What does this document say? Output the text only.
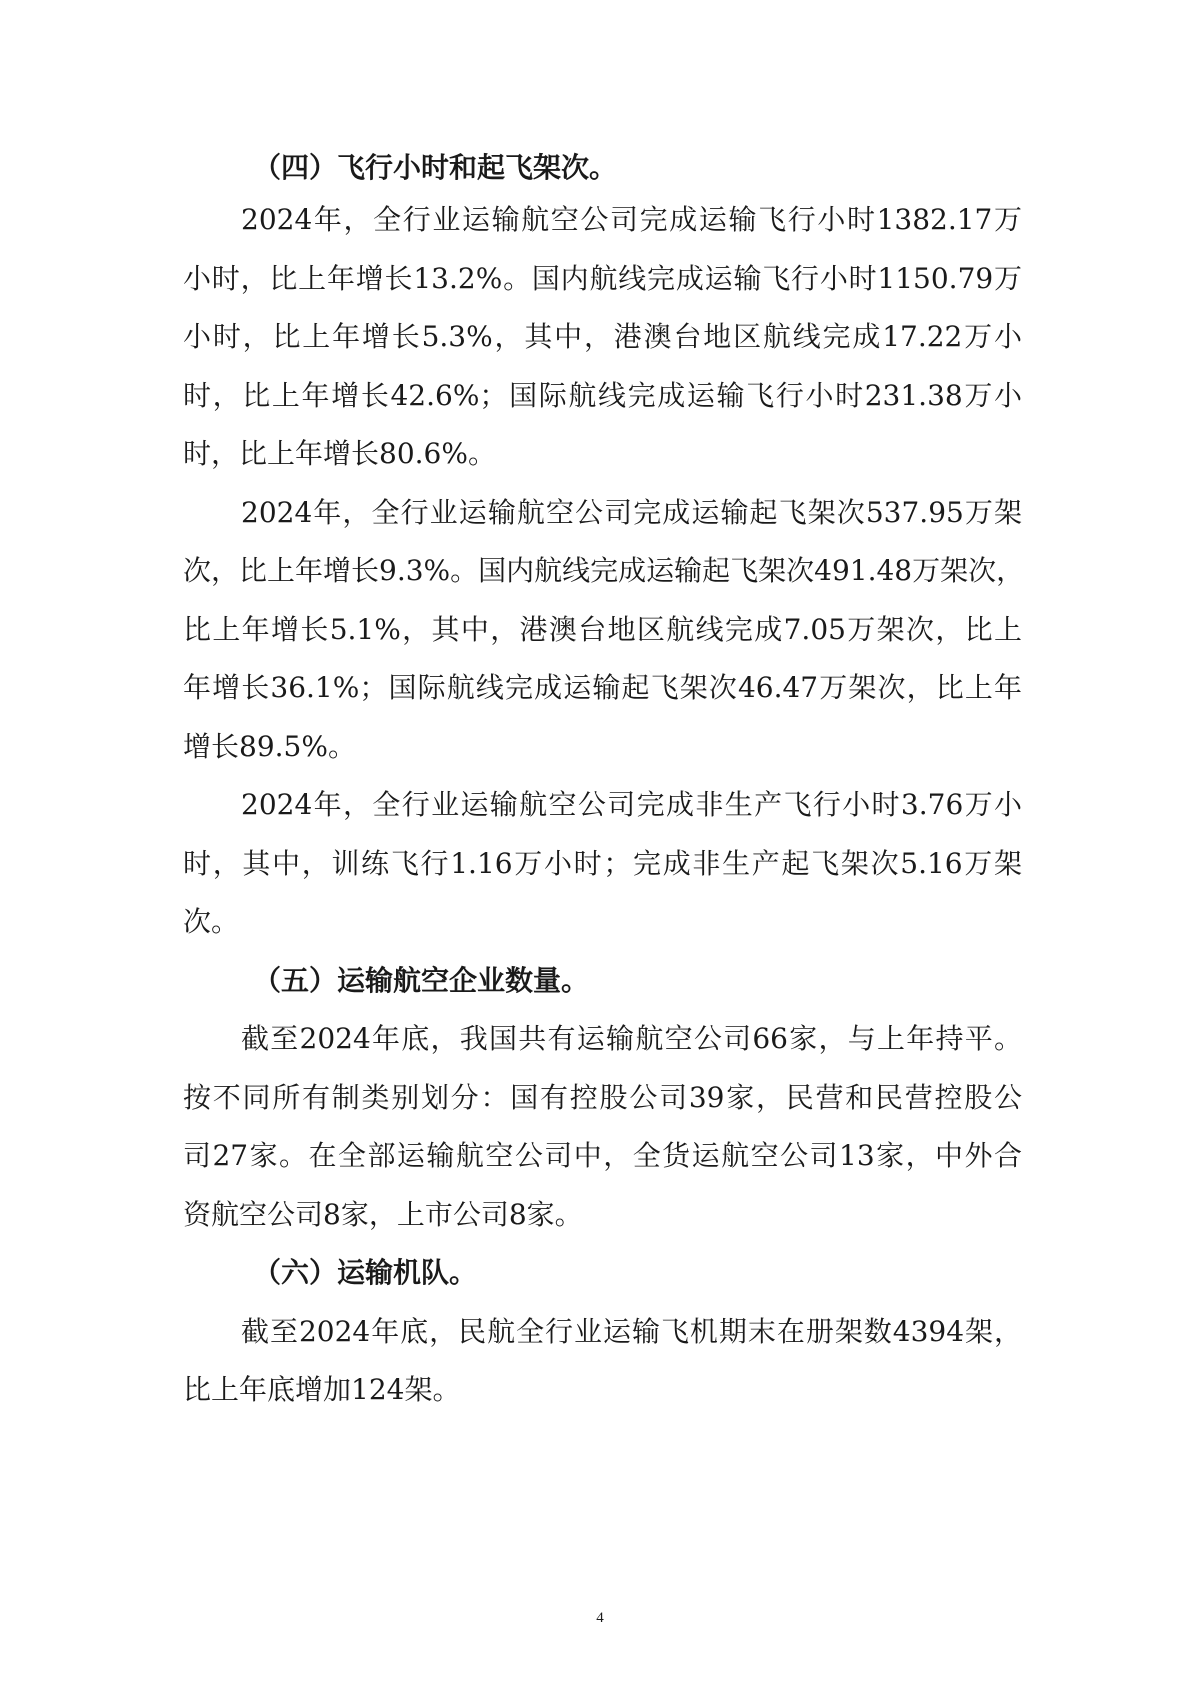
（四）飞行小时和起飞架次。
2024年，全行业运输航空公司完成运输飞行小时1382.17万
小时，比上年增长13.2%。国内航线完成运输飞行小时1150.79万
小时，比上年增长5.3%，其中，港澳台地区航线完成17.22万小
时，比上年增长42.6%；国际航线完成运输飞行小时231.38万小
时，比上年增长80.6%。
2024年，全行业运输航空公司完成运输起飞架次537.95万架
次，比上年增长9.3%。国内航线完成运输起飞架次491.48万架次，
比上年增长5.1%，其中，港澳台地区航线完成7.05万架次，比上
年增长36.1%；国际航线完成运输起飞架次46.47万架次，比上年
增长89.5%。
2024年，全行业运输航空公司完成非生产飞行小时3.76万小
时，其中，训练飞行1.16万小时；完成非生产起飞架次5.16万架
次。
（五）运输航空企业数量。
截至2024年底，我国共有运输航空公司66家，与上年持平。
按不同所有制类别划分：国有控股公司39家，民营和民营控股公
司27家。在全部运输航空公司中，全货运航空公司13家，中外合
资航空公司8家，上市公司8家。
（六）运输机队。
截至2024年底，民航全行业运输飞机期末在册架数4394架，
比上年底增加124架。
4
